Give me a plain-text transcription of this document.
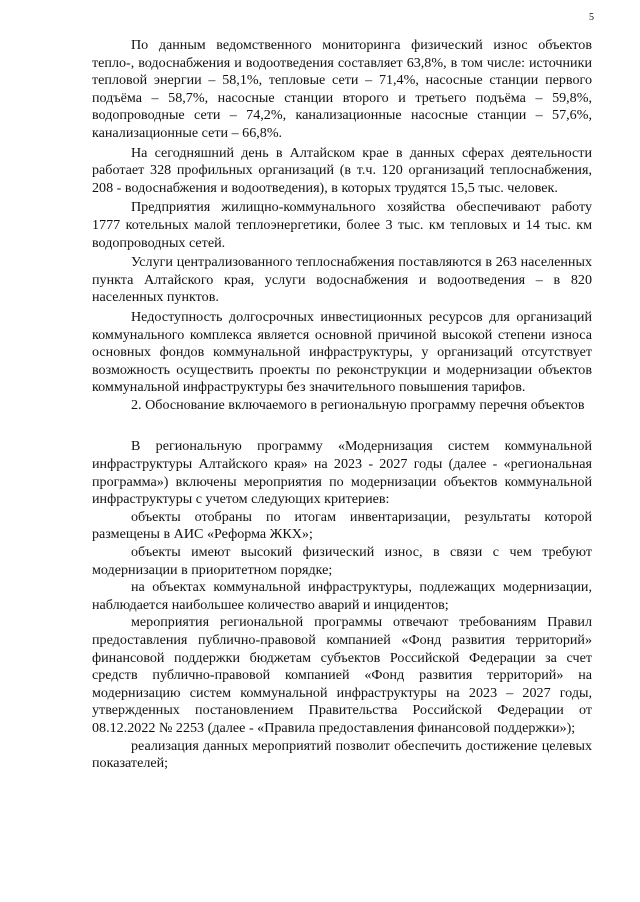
5

По данным ведомственного мониторинга физический износ объектов тепло-, водоснабжения и водоотведения составляет 63,8%, в том числе: источники тепловой энергии – 58,1%, тепловые сети – 71,4%, насосные станции первого подъёма – 58,7%, насосные станции второго и третьего подъёма – 59,8%, водопроводные сети – 74,2%, канализационные насосные станции – 57,6%, канализационные сети – 66,8%.

На сегодняшний день в Алтайском крае в данных сферах деятельности работает 328 профильных организаций (в т.ч. 120 организаций теплоснабжения, 208 - водоснабжения и водоотведения), в которых трудятся 15,5 тыс. человек.

Предприятия жилищно-коммунального хозяйства обеспечивают работу 1777 котельных малой теплоэнергетики, более 3 тыс. км тепловых и 14 тыс. км водопроводных сетей.

Услуги централизованного теплоснабжения поставляются в 263 населенных пункта Алтайского края, услуги водоснабжения и водоотведения – в 820 населенных пунктов.

Недоступность долгосрочных инвестиционных ресурсов для организаций коммунального комплекса является основной причиной высокой степени износа основных фондов коммунальной инфраструктуры, у организаций отсутствует возможность осуществить проекты по реконструкции и модернизации объектов коммунальной инфраструктуры без значительного повышения тарифов.

2. Обоснование включаемого в региональную программу перечня объектов

В региональную программу «Модернизация систем коммунальной инфраструктуры Алтайского края» на 2023 - 2027 годы (далее - «региональная программа») включены мероприятия по модернизации объектов коммунальной инфраструктуры с учетом следующих критериев:

объекты отобраны по итогам инвентаризации, результаты которой размещены в АИС «Реформа ЖКХ»;

объекты имеют высокий физический износ, в связи с чем требуют модернизации в приоритетном порядке;

на объектах коммунальной инфраструктуры, подлежащих модернизации, наблюдается наибольшее количество аварий и инцидентов;

мероприятия региональной программы отвечают требованиям Правил предоставления публично-правовой компанией «Фонд развития территорий» финансовой поддержки бюджетам субъектов Российской Федерации за счет средств публично-правовой компанией «Фонд развития территорий» на модернизацию систем коммунальной инфраструктуры на 2023 – 2027 годы, утвержденных постановлением Правительства Российской Федерации от 08.12.2022 № 2253 (далее - «Правила предоставления финансовой поддержки»);

реализация данных мероприятий позволит обеспечить достижение целевых показателей;
